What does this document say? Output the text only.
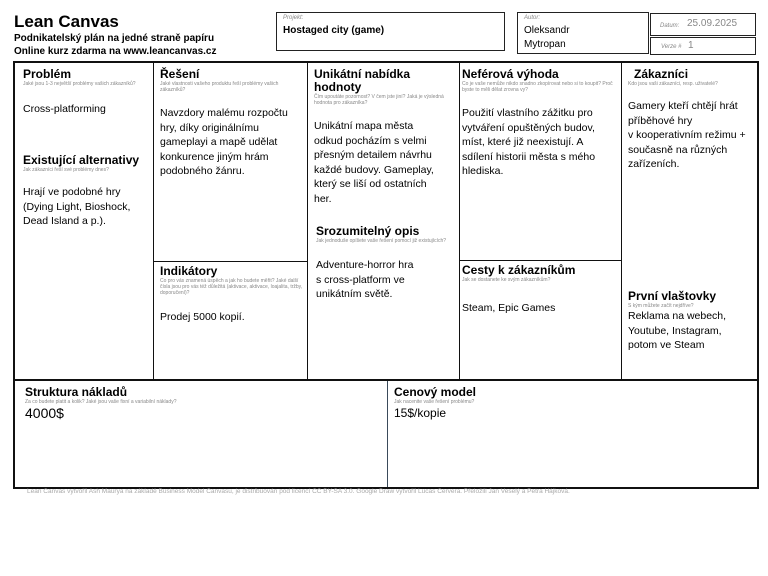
Lean Canvas
Podnikatelský plán na jedné straně papíru
Online kurz zdarma na www.leancanvas.cz
Projekt:
Hostaged city (game)
Autor:
Oleksandr
Mytropan
Datum: 25.09.2025
Verze # 1
Problém
Jaké jsou 1-3 největší problémy vašich zákazníků?
Cross-platforming
Existující alternativy
Jak zákazníci řeší své problémy dnes?
Hrají ve podobné hry
(Dying Light, Bioshock,
Dead Island a p.).
Řešení
Jaké vlastnosti vašeho produktu řeší problémy vašich zákazníků?
Navzdory malému rozpočtu
hry, díky originálnímu
gameplayi a mapě udělat
konkurence jiným hrám
podobného žánru.
Indikátory
Co pro vás znamená úspěch a jak ho budete měřit? Jaké další čísla jsou pro vás též důležitá (aktivace, aktivace, loajalita, tržby, doporučení)?
Prodej 5000 kopií.
Unikátní nabídka
hodnoty
Čím upoutáte pozornost? V čem jste jiní? Jaká je výsledná hodnota pro zákazníka?
Unikátní mapa města
odkud pocházím s velmi
přesným detailem návrhu
každé budovy. Gameplay,
který se liší od ostatních
her.
Srozumitelný opis
Jak jednoduše opíšete vaše řešení pomocí již existujících?
Adventure-horror hra
s cross-platform ve
unikátním světě.
Neférová výhoda
Co je vaše nemůže nikdo snadno zkopírovat nebo si to koupit? Proč byste to měli dělat zrovna vy?
Použití vlastního zážitku pro
vytváření opuštěných budov,
míst, které již neexistují. A
sdílení historii města s mého
hlediska.
Cesty k zákazníkům
Jak se dostanete ke svým zákazníkům?
Steam, Epic Games
Zákazníci
Kdo jsou vaši zákazníci, resp. uživatelé?
Gamery kteří chtějí hrát
příběhové hry
v kooperativním režimu +
současně na různých
zařízeních.
První vlaštovky
S kým můžete začít nejdříve?
Reklama na webech,
Youtube, Instagram,
potom ve Steam
Struktura nákladů
Za co budete platit a kolik? Jaké jsou vaše fixní a variabilní náklady?
4000$
Cenový model
Jak nacenite vaše řešení problému?
15$/kopie
Lean Canvas vytvořil Ash Maurya na základě Business Model Canvasu, je distribuován pod licencí CC BY-SA 3.0. Google Draw vytvořil Lucas Cervera. Přeložili Jan Veselý a Petra Hájková.
